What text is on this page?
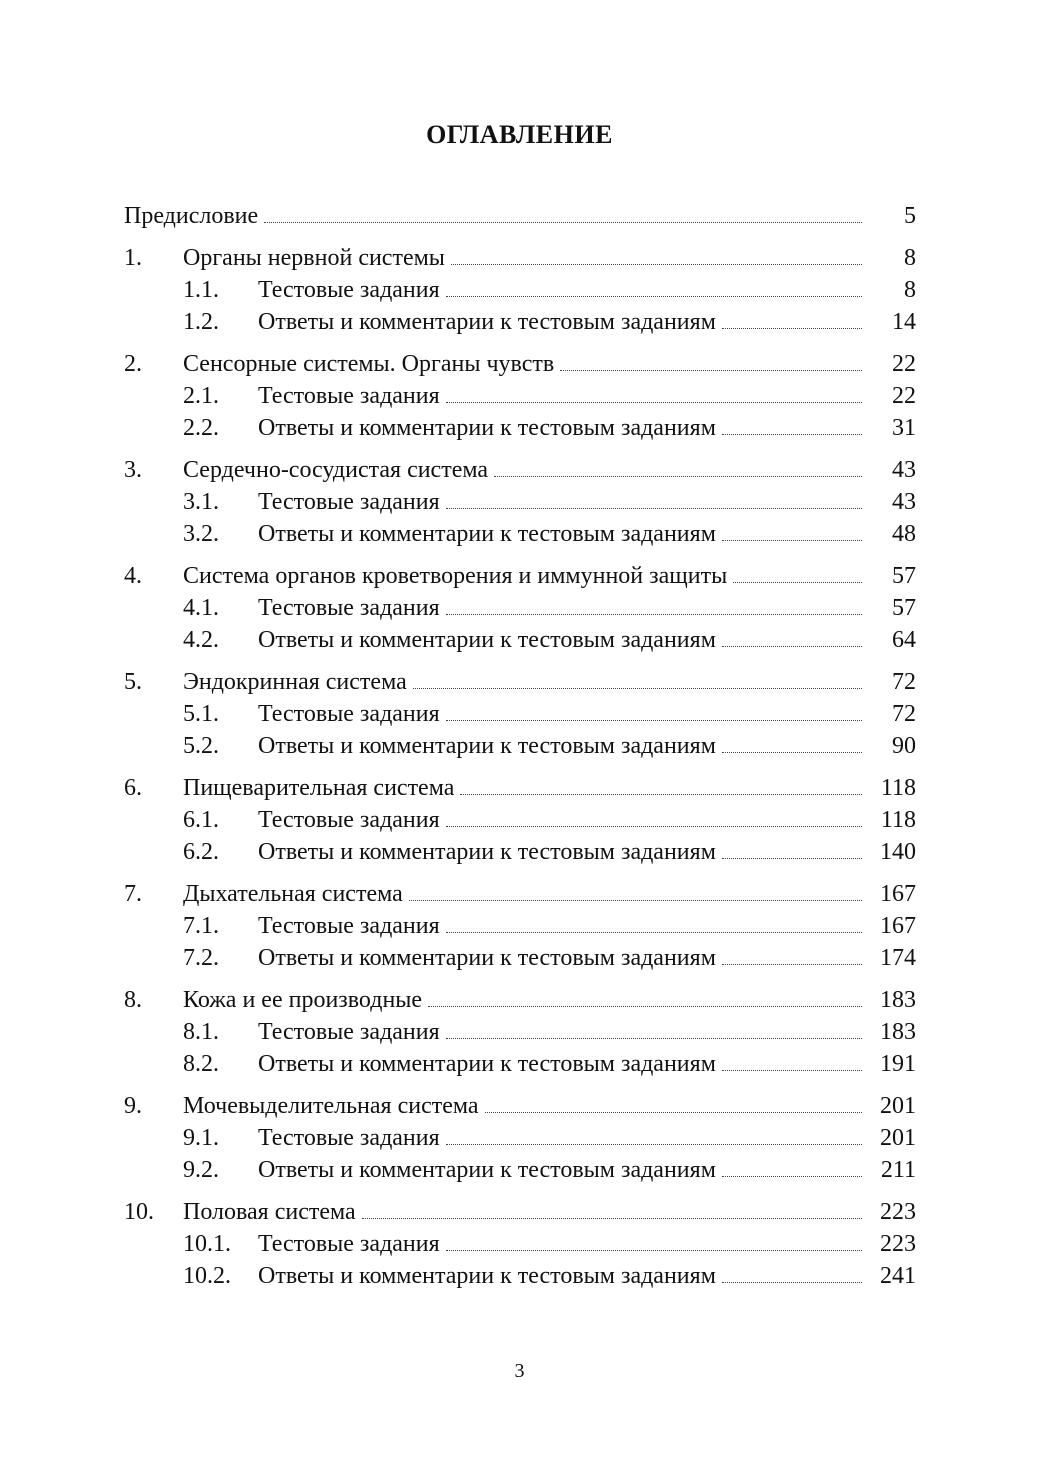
ОГЛАВЛЕНИЕ
Предисловие	5
1.	Органы нервной системы	8
1.1.	Тестовые задания	8
1.2.	Ответы и комментарии к тестовым заданиям	14
2.	Сенсорные системы. Органы чувств	22
2.1.	Тестовые задания	22
2.2.	Ответы и комментарии к тестовым заданиям	31
3.	Сердечно-сосудистая система	43
3.1.	Тестовые задания	43
3.2.	Ответы и комментарии к тестовым заданиям	48
4.	Система органов кроветворения и иммунной защиты	57
4.1.	Тестовые задания	57
4.2.	Ответы и комментарии к тестовым заданиям	64
5.	Эндокринная система	72
5.1.	Тестовые задания	72
5.2.	Ответы и комментарии к тестовым заданиям	90
6.	Пищеварительная система	118
6.1.	Тестовые задания	118
6.2.	Ответы и комментарии к тестовым заданиям	140
7.	Дыхательная система	167
7.1.	Тестовые задания	167
7.2.	Ответы и комментарии к тестовым заданиям	174
8.	Кожа и ее производные	183
8.1.	Тестовые задания	183
8.2.	Ответы и комментарии к тестовым заданиям	191
9.	Мочевыделительная система	201
9.1.	Тестовые задания	201
9.2.	Ответы и комментарии к тестовым заданиям	211
10.	Половая система	223
10.1.	Тестовые задания	223
10.2.	Ответы и комментарии к тестовым заданиям	241
3
